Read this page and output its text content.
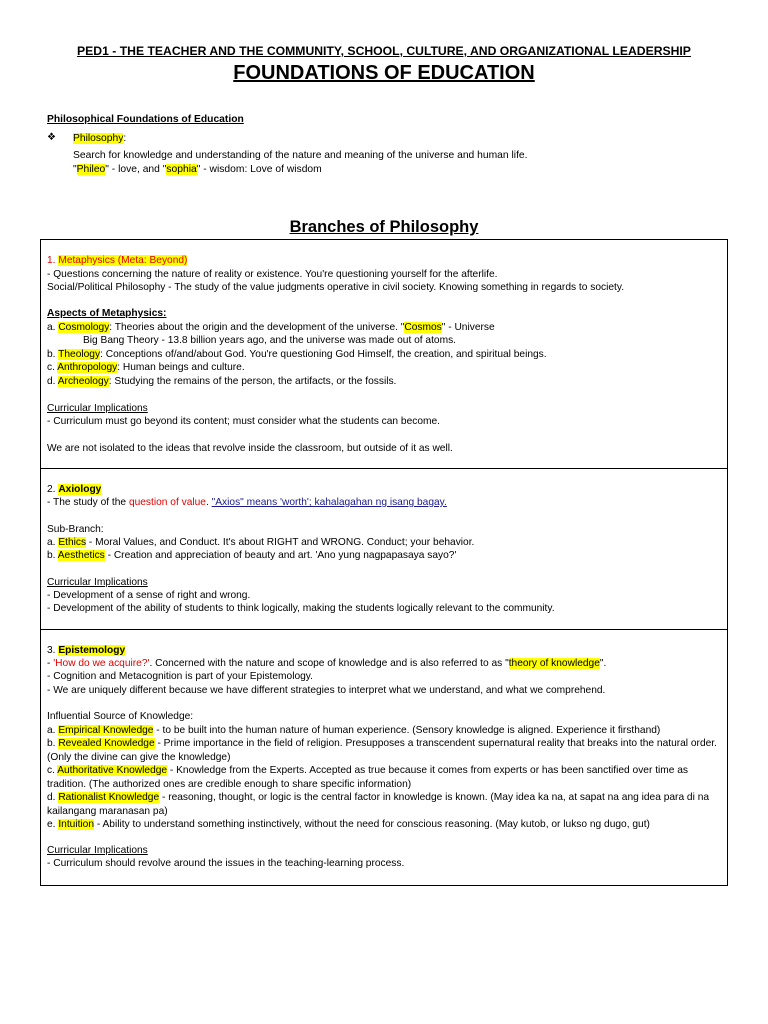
PED1 - THE TEACHER AND THE COMMUNITY, SCHOOL, CULTURE, AND ORGANIZATIONAL LEADERSHIP
FOUNDATIONS OF EDUCATION
Philosophical Foundations of Education
❖ Philosophy:
Search for knowledge and understanding of the nature and meaning of the universe and human life.
"Phileo" - love, and "sophia" - wisdom: Love of wisdom
Branches of Philosophy
1. Metaphysics (Meta: Beyond)
- Questions concerning the nature of reality or existence. You're questioning yourself for the afterlife.
Social/Political Philosophy - The study of the value judgments operative in civil society. Knowing something in regards to society.
Aspects of Metaphysics:
a. Cosmology: Theories about the origin and the development of the universe. "Cosmos" - Universe
Big Bang Theory - 13.8 billion years ago, and the universe was made out of atoms.
b. Theology: Conceptions of/and/about God. You're questioning God Himself, the creation, and spiritual beings.
c. Anthropology: Human beings and culture.
d. Archeology: Studying the remains of the person, the artifacts, or the fossils.
Curricular Implications
- Curriculum must go beyond its content; must consider what the students can become.
We are not isolated to the ideas that revolve inside the classroom, but outside of it as well.
2. Axiology
- The study of the question of value. "Axios" means 'worth'; kahalagahan ng isang bagay.
Sub-Branch:
a. Ethics - Moral Values, and Conduct. It's about RIGHT and WRONG. Conduct; your behavior.
b. Aesthetics - Creation and appreciation of beauty and art. 'Ano yung nagpapasaya sayo?'
Curricular Implications
- Development of a sense of right and wrong.
- Development of the ability of students to think logically, making the students logically relevant to the community.
3. Epistemology
- 'How do we acquire?'. Concerned with the nature and scope of knowledge and is also referred to as "theory of knowledge".
- Cognition and Metacognition is part of your Epistemology.
- We are uniquely different because we have different strategies to interpret what we understand, and what we comprehend.
Influential Source of Knowledge:
a. Empirical Knowledge - to be built into the human nature of human experience. (Sensory knowledge is aligned. Experience it firsthand)
b. Revealed Knowledge - Prime importance in the field of religion. Presupposes a transcendent supernatural reality that breaks into the natural order. (Only the divine can give the knowledge)
c. Authoritative Knowledge - Knowledge from the Experts. Accepted as true because it comes from experts or has been sanctified over time as tradition. (The authorized ones are credible enough to share specific information)
d. Rationalist Knowledge - reasoning, thought, or logic is the central factor in knowledge is known. (May idea ka na, at sapat na ang idea para di na kailangang maranasan pa)
e. Intuition - Ability to understand something instinctively, without the need for conscious reasoning. (May kutob, or lukso ng dugo, gut)
Curricular Implications
- Curriculum should revolve around the issues in the teaching-learning process.
